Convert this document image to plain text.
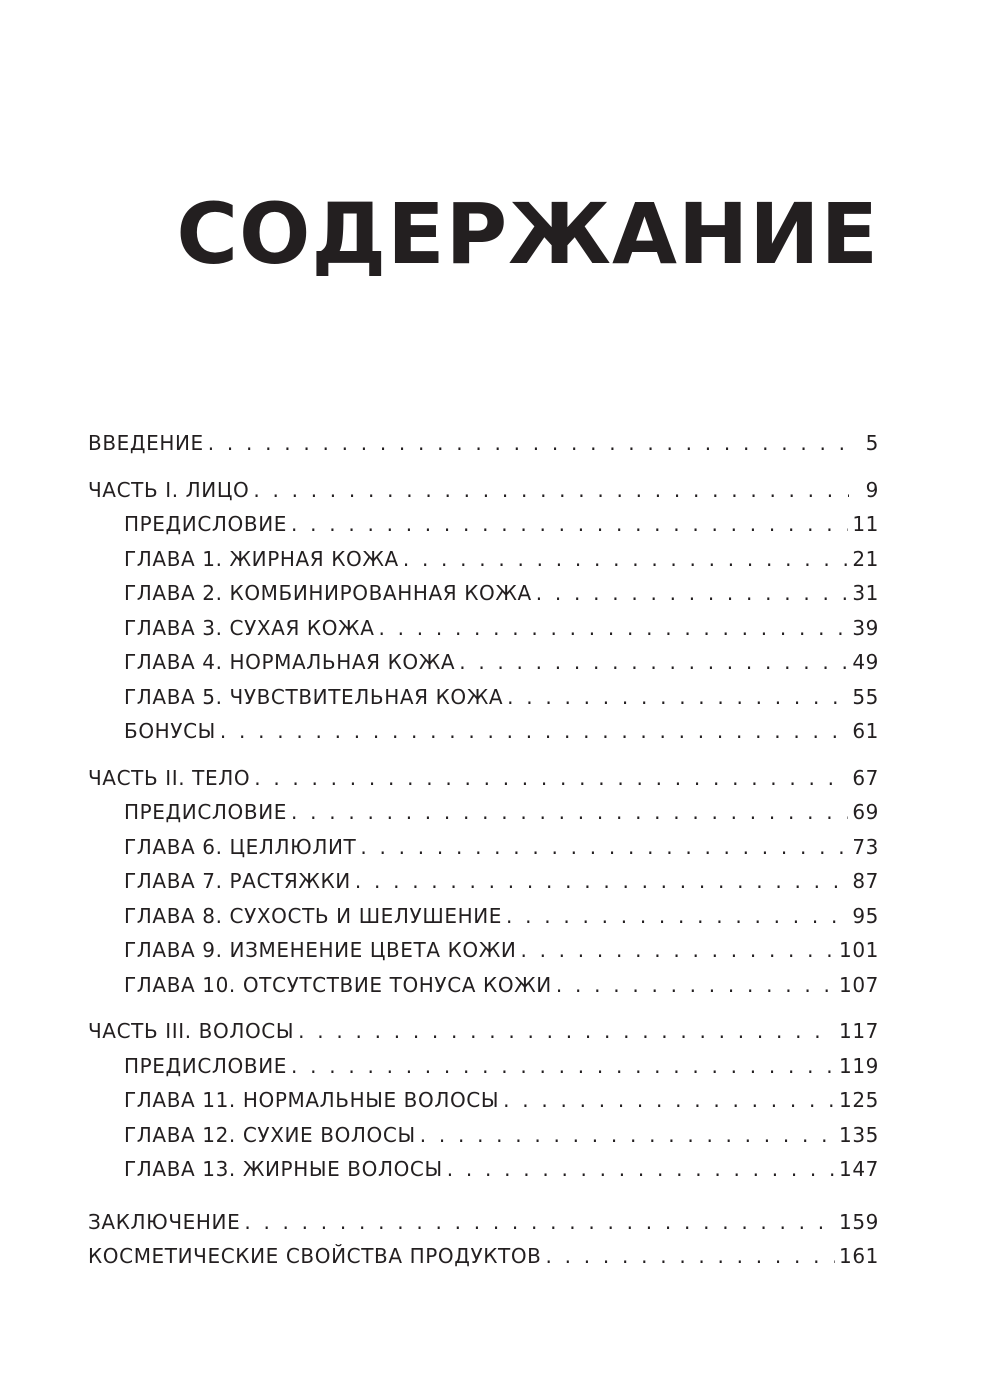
СОДЕРЖАНИЕ
ВВЕДЕНИЕ . . .	5
ЧАСТЬ I. ЛИЦО . . .	9
ПРЕДИСЛОВИЕ . . .	11
ГЛАВА 1. ЖИРНАЯ КОЖА . . .	21
ГЛАВА 2. КОМБИНИРОВАННАЯ КОЖА . . .	31
ГЛАВА 3. СУХАЯ КОЖА . . .	39
ГЛАВА 4. НОРМАЛЬНАЯ КОЖА . . .	49
ГЛАВА 5. ЧУВСТВИТЕЛЬНАЯ КОЖА . . .	55
БОНУСЫ . . .	61
ЧАСТЬ II. ТЕЛО . . .	67
ПРЕДИСЛОВИЕ . . .	69
ГЛАВА 6. ЦЕЛЛЮЛИТ . . .	73
ГЛАВА 7. РАСТЯЖКИ . . .	87
ГЛАВА 8. СУХОСТЬ И ШЕЛУШЕНИЕ . . .	95
ГЛАВА 9. ИЗМЕНЕНИЕ ЦВЕТА КОЖИ . . .	101
ГЛАВА 10. ОТСУТСТВИЕ ТОНУСА КОЖИ . . .	107
ЧАСТЬ III. ВОЛОСЫ . . .	117
ПРЕДИСЛОВИЕ . . .	119
ГЛАВА 11. НОРМАЛЬНЫЕ ВОЛОСЫ . . .	125
ГЛАВА 12. СУХИЕ ВОЛОСЫ . . .	135
ГЛАВА 13. ЖИРНЫЕ ВОЛОСЫ . . .	147
ЗАКЛЮЧЕНИЕ . . .	159
КОСМЕТИЧЕСКИЕ СВОЙСТВА ПРОДУКТОВ . . .	161
